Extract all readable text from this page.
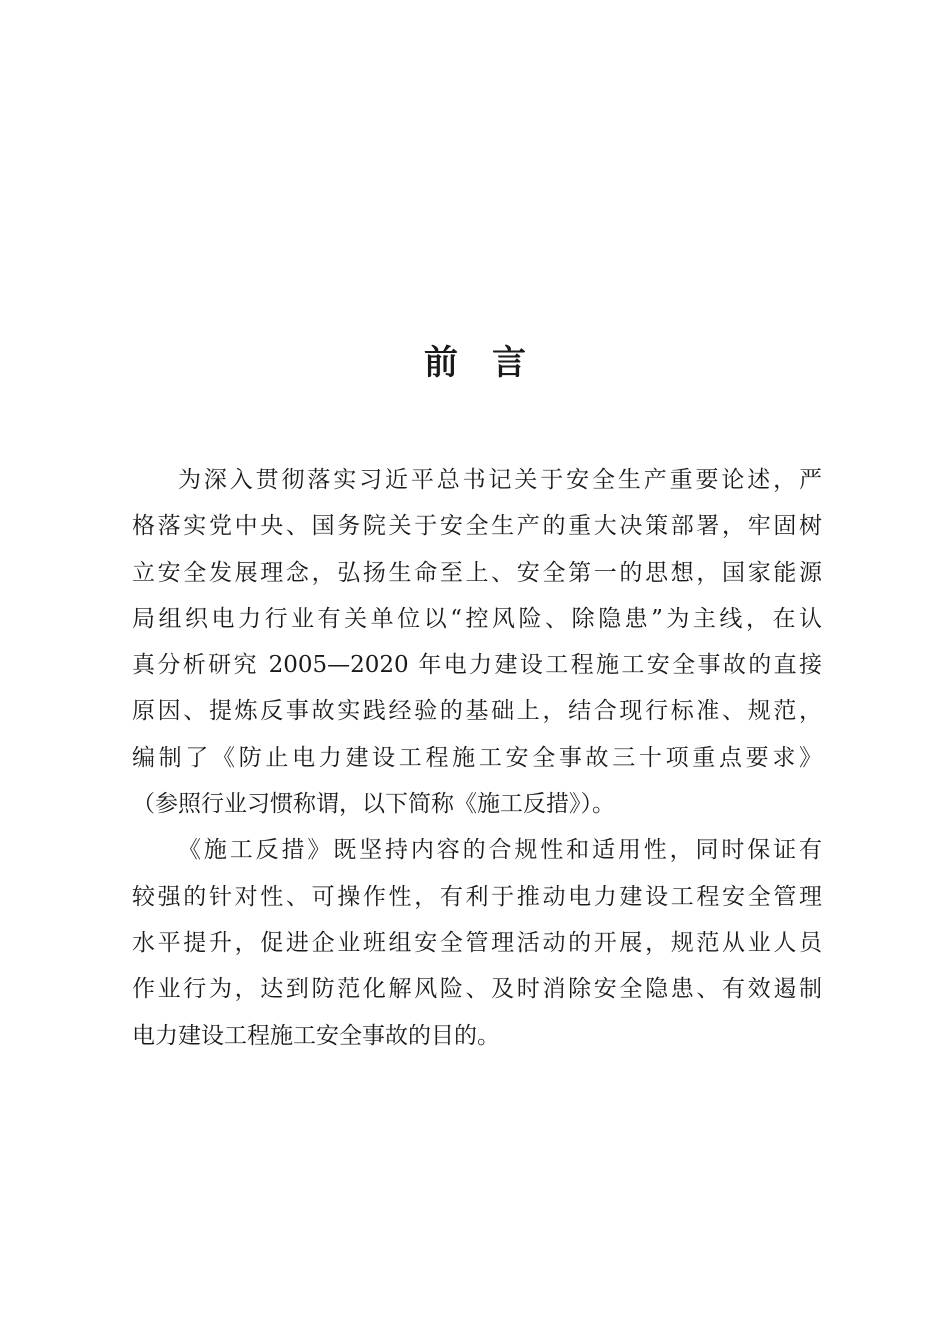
前 言
为深入贯彻落实习近平总书记关于安全生产重要论述，严
格落实党中央、国务院关于安全生产的重大决策部署，牢固树
立安全发展理念，弘扬生命至上、安全第一的思想，国家能源
局组织电力行业有关单位以“控风险、除隐患”为主线，在认
真分析研究 2005—2020 年电力建设工程施工安全事故的直接
原因、提炼反事故实践经验的基础上，结合现行标准、规范，
编制了《防止电力建设工程施工安全事故三十项重点要求》
（参照行业习惯称谓，以下简称《施工反措》）。
《施工反措》既坚持内容的合规性和适用性，同时保证有
较强的针对性、可操作性，有利于推动电力建设工程安全管理
水平提升，促进企业班组安全管理活动的开展，规范从业人员
作业行为，达到防范化解风险、及时消除安全隐患、有效遏制
电力建设工程施工安全事故的目的。
